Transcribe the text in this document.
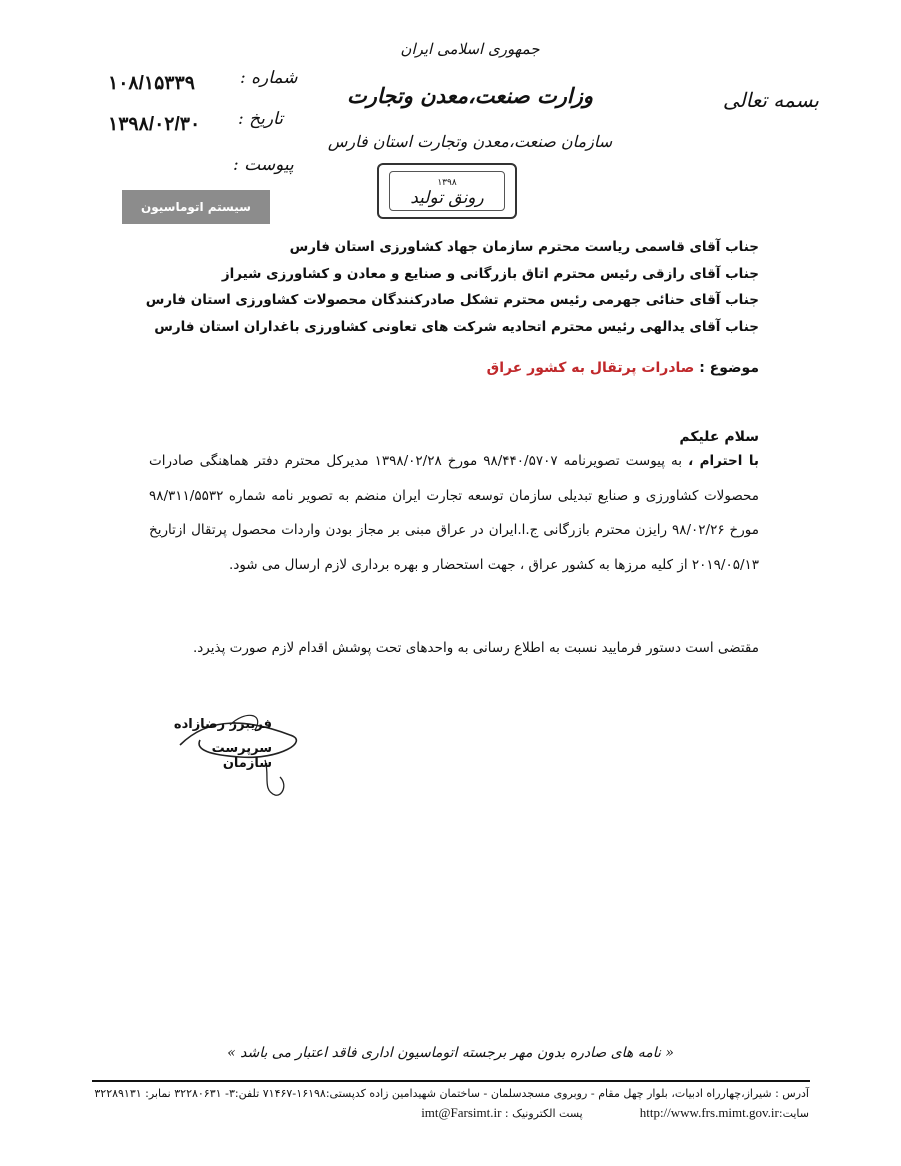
بسمه تعالی
جمهوری اسلامی ایران
وزارت صنعت،معدن وتجارت
سازمان صنعت،معدن وتجارت استان فارس
۱۳۹۸
رونق تولید
شماره :
۱۰۸/۱۵۳۳۹
تاریخ :
۱۳۹۸/۰۲/۳۰
پیوست :
سیستم اتوماسیون
جناب آقای قاسمی ریاست محترم سازمان جهاد کشاورزی استان فارس
جناب آقای رازقی رئیس محترم اتاق بازرگانی و صنایع و معادن و کشاورزی شیراز
جناب آقای حنائی جهرمی رئیس محترم تشکل صادرکنندگان محصولات کشاورزی استان فارس
جناب آقای یدالهی رئیس محترم اتحادیه شرکت های تعاونی کشاورزی باغداران استان فارس
موضوع : صادرات پرتقال به کشور عراق
سلام علیکم
با احترام ، به پیوست تصویرنامه ۹۸/۴۴۰/۵۷۰۷ مورخ ۱۳۹۸/۰۲/۲۸ مدیرکل محترم دفتر هماهنگی صادرات محصولات کشاورزی و صنایع تبدیلی سازمان توسعه تجارت ایران منضم به تصویر نامه شماره ۹۸/۳۱۱/۵۵۳۲ مورخ ۹۸/۰۲/۲۶ رایزن محترم بازرگانی ج.ا.ایران در عراق مبنی بر مجاز بودن واردات محصول پرتقال ازتاریخ ۲۰۱۹/۰۵/۱۳ از کلیه مرزها به کشور عراق ، جهت استحضار و بهره برداری لازم ارسال می شود.
مقتضی است دستور فرمایید نسبت به اطلاع رسانی به واحدهای تحت پوشش اقدام لازم صورت پذیرد.
فریبرز رضازاده
سرپرست سازمان
« نامه های صادره بدون مهر برجسته اتوماسیون اداری فاقد اعتبار می باشد »
آدرس : شیراز،چهارراه ادبیات، بلوار چهل مقام - روبروی مسجدسلمان - ساختمان شهیدامین زاده کدپستی:۱۶۱۹۸-۷۱۴۶۷ تلفن:۳- ۳۲۲۸۰۶۳۱ نمابر: ۳۲۲۸۹۱۳۱
سایت:http://www.frs.mimt.gov.ir  پست الکترونیک : imt@Farsimt.ir
